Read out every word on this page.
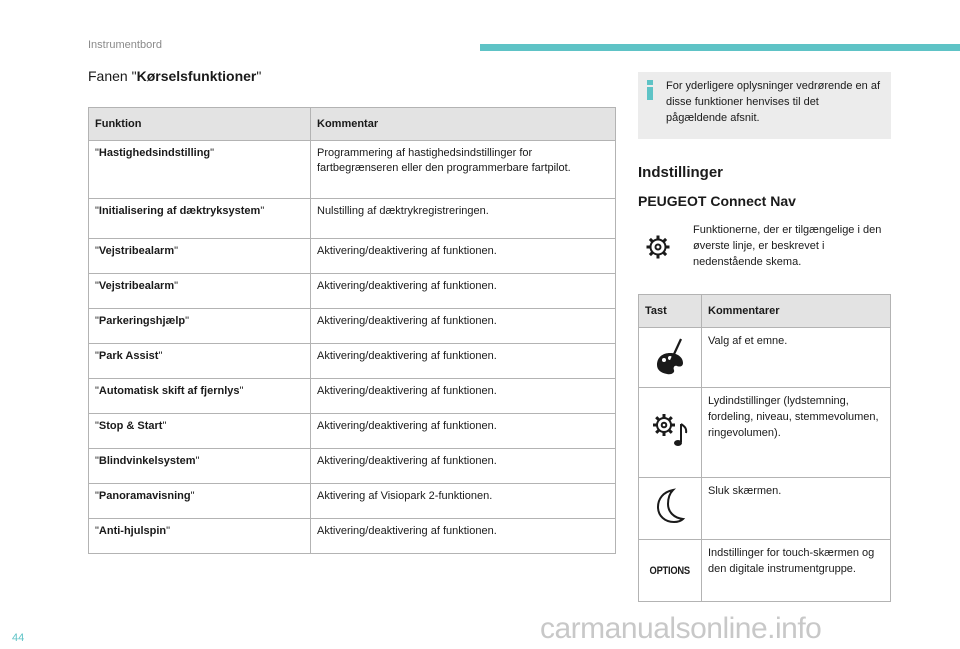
Instrumentbord
Fanen "Kørselsfunktioner"
Funktion	Kommentar
"Hastighedsindstilling"	Programmering af hastighedsindstillinger for fartbegrænseren eller den programmerbare fartpilot.
"Initialisering af dæktryksystem"	Nulstilling af dæktrykregistreringen.
"Vejstribealarm"	Aktivering/deaktivering af funktionen.
"Vejstribealarm"	Aktivering/deaktivering af funktionen.
"Parkeringshjælp"	Aktivering/deaktivering af funktionen.
"Park Assist"	Aktivering/deaktivering af funktionen.
"Automatisk skift af fjernlys"	Aktivering/deaktivering af funktionen.
"Stop & Start"	Aktivering/deaktivering af funktionen.
"Blindvinkelsystem"	Aktivering/deaktivering af funktionen.
"Panoramavisning"	Aktivering af Visiopark 2-funktionen.
"Anti-hjulspin"	Aktivering/deaktivering af funktionen.
For yderligere oplysninger vedrørende en af disse funktioner henvises til det pågældende afsnit.
Indstillinger
PEUGEOT Connect Nav
Funktionerne, der er tilgængelige i den øverste linje, er beskrevet i nedenstående skema.
Tast	Kommentarer
	Valg af et emne.
	Lydindstillinger (lydstemning, fordeling, niveau, stemmevolumen, ringevolumen).
	Sluk skærmen.
OPTIONS	Indstillinger for touch-skærmen og den digitale instrumentgruppe.
44	carmanualsonline.info
